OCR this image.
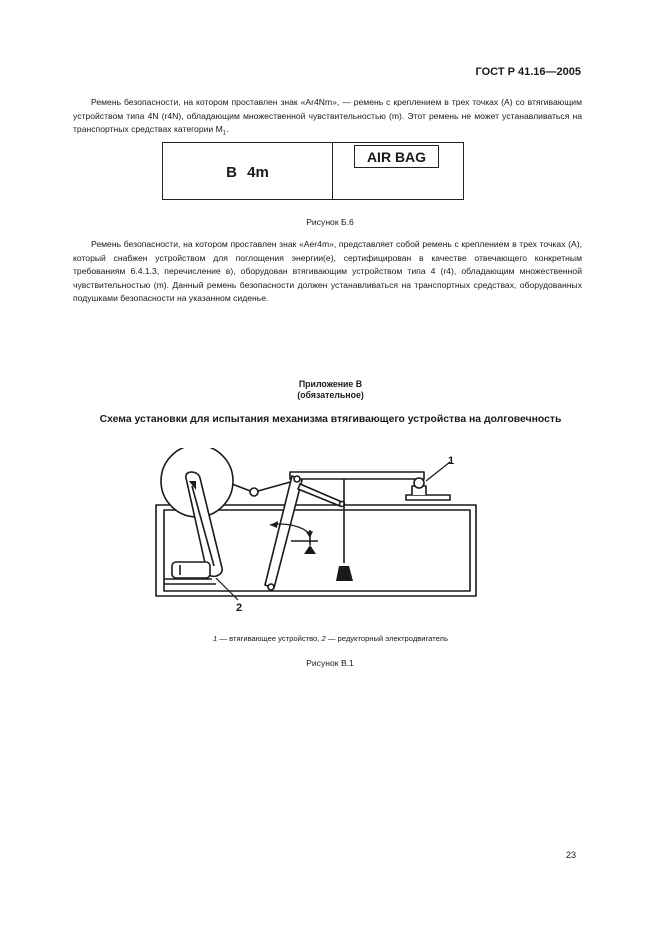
ГОСТ Р 41.16—2005
Ремень безопасности, на котором проставлен знак «Ar4Nm», — ремень с креплением в трех точках (A) со втягивающим устройством типа 4N (r4N), обладающим множественной чувствительностью (m). Этот ремень не может устанавливаться на транспортных средствах категории $M_1$.
B 4m
AIR BAG
Рисунок Б.6
Ремень безопасности, на котором проставлен знак «Aer4m», представляет собой ремень с креплением в трех точках (A), который снабжен устройством для поглощения энергии(e), сертифицирован в качестве отвечающего конкретным требованиям 6.4.1.3, перечисление в), оборудован втягивающим устройством типа 4 (r4), обладающим множественной чувствительностью (m). Данный ремень безопасности должен устанавливаться на транспортных средствах, оборудованных подушками безопасности на указанном сиденье.
Приложение В
(обязательное)
Схема установки для испытания механизма втягивающего устройства на долговечность
1
2
1 — втягивающее устройство, 2 — редукторный электродвигатель
Рисунок В.1
23
